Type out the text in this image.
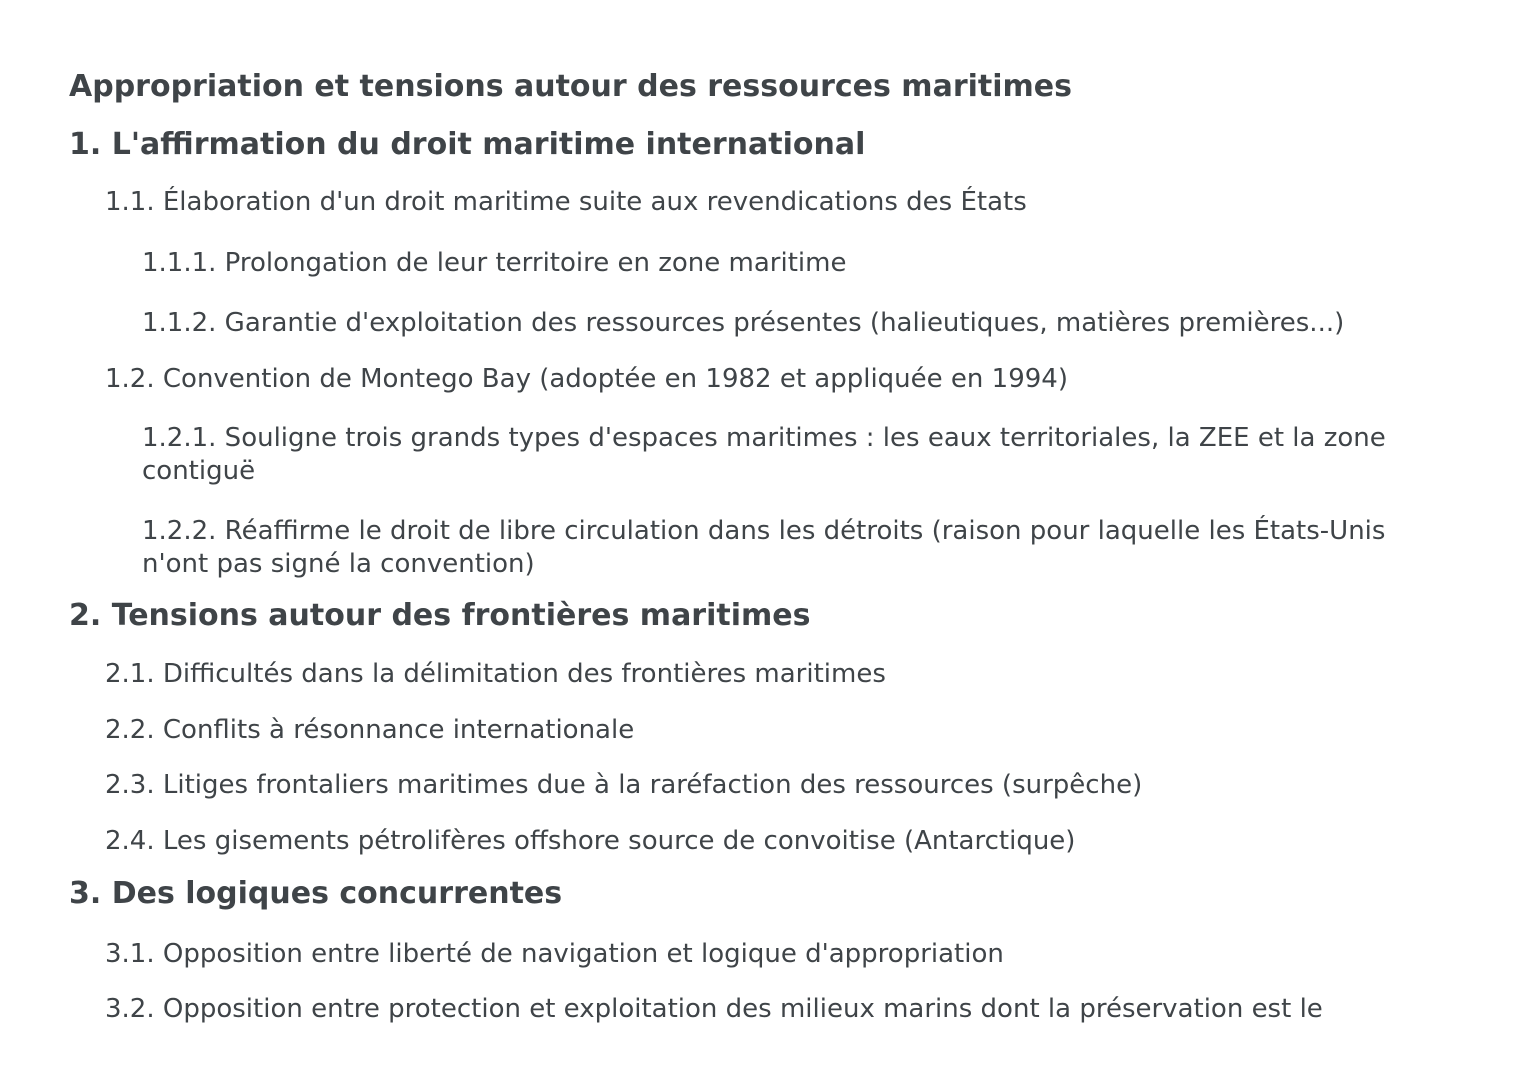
Appropriation et tensions autour des ressources maritimes
1. L'affirmation du droit maritime international
1.1. Élaboration d'un droit maritime suite aux revendications des États
1.1.1. Prolongation de leur territoire en zone maritime
1.1.2. Garantie d'exploitation des ressources présentes (halieutiques, matières premières...)
1.2. Convention de Montego Bay (adoptée en 1982 et appliquée en 1994)
1.2.1. Souligne trois grands types d'espaces maritimes : les eaux territoriales, la ZEE et la zone contiguë
1.2.2. Réaffirme le droit de libre circulation dans les détroits (raison pour laquelle les États-Unis n'ont pas signé la convention)
2. Tensions autour des frontières maritimes
2.1. Difficultés dans la délimitation des frontières maritimes
2.2. Conflits à résonnance internationale
2.3. Litiges frontaliers maritimes due à la raréfaction des ressources (surpêche)
2.4. Les gisements pétrolifères offshore source de convoitise (Antarctique)
3. Des logiques concurrentes
3.1. Opposition entre liberté de navigation et logique d'appropriation
3.2. Opposition entre protection et exploitation des milieux marins dont la préservation est le
